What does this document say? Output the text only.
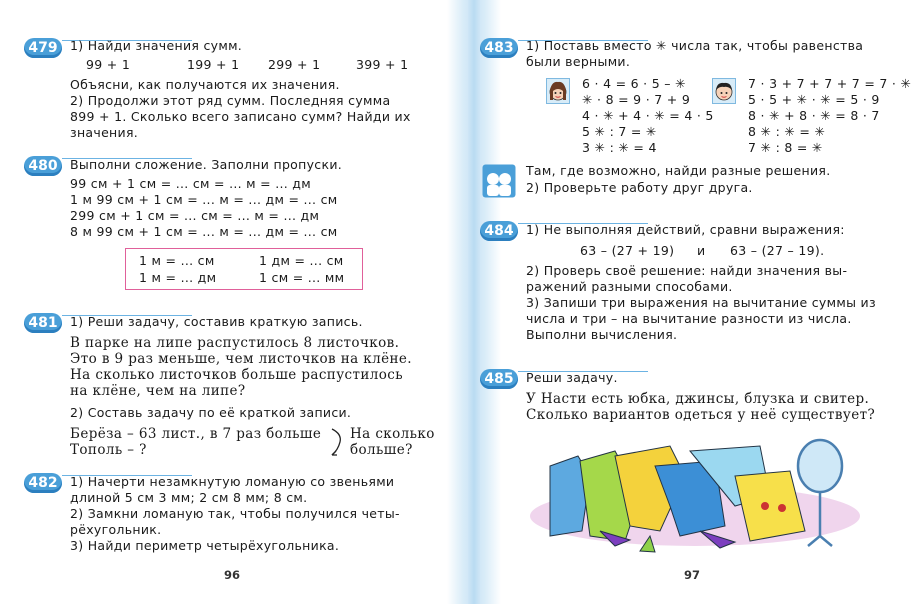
479 1) Найди значения сумм.
99 + 1	199 + 1 299 + 1	399 + 1
Объясни, как получаются их значения.
2) Продолжи этот ряд сумм. Последняя сумма
899 + 1. Сколько всего записано сумм? Найди их
значения.
480 Выполни сложение. Заполни пропуски.
99 см + 1 см = ... см = ... м = ... дм
1 м 99 см + 1 см = ... м = ... дм = ... см
299 см + 1 см = ... см = ... м = ... дм
8 м 99 см + 1 см = ... м = ... дм = ... см
1 м = ... см	1 дм = ... см
1 м = ... дм	1 см = ... мм
481 1) Реши задачу, составив краткую запись.
В парке на липе распустилось 8 листочков.
Это в 9 раз меньше, чем листочков на клёне.
На сколько листочков больше распустилось
на клёне, чем на липе?
2) Составь задачу по её краткой записи.
Берёза – 63 лист., в 7 раз больше
Тополь – ?
На сколько
больше?
482 1) Начерти незамкнутую ломаную со звеньями
длиной 5 см 3 мм; 2 см 8 мм; 8 см.
2) Замкни ломаную так, чтобы получился четы-
рёхугольник.
3) Найди периметр четырёхугольника.
96
483 1) Поставь вместо ✳ числа так, чтобы равенства
были верными.
6 · 4 = 6 · 5 – ✳
✳ · 8 = 9 · 7 + 9
4 · ✳ + 4 · ✳ = 4 · 5
5 ✳ : 7 = ✳
3 ✳ : ✳ = 4
7 · 3 + 7 + 7 + 7 = 7 · ✳
5 · 5 + ✳ · ✳ = 5 · 9
8 · ✳ + 8 · ✳ = 8 · 7
8 ✳ : ✳ = ✳
7 ✳ : 8 = ✳
Там, где возможно, найди разные решения.
2) Проверьте работу друг друга.
484 1) Не выполняя действий, сравни выражения:
63 – (27 + 19) и 63 – (27 – 19).
2) Проверь своё решение: найди значения вы-
ражений разными способами.
3) Запиши три выражения на вычитание суммы из
числа и три – на вычитание разности из числа.
Выполни вычисления.
485 Реши задачу.
У Насти есть юбка, джинсы, блузка и свитер.
Сколько вариантов одеться у неё существует?
97
